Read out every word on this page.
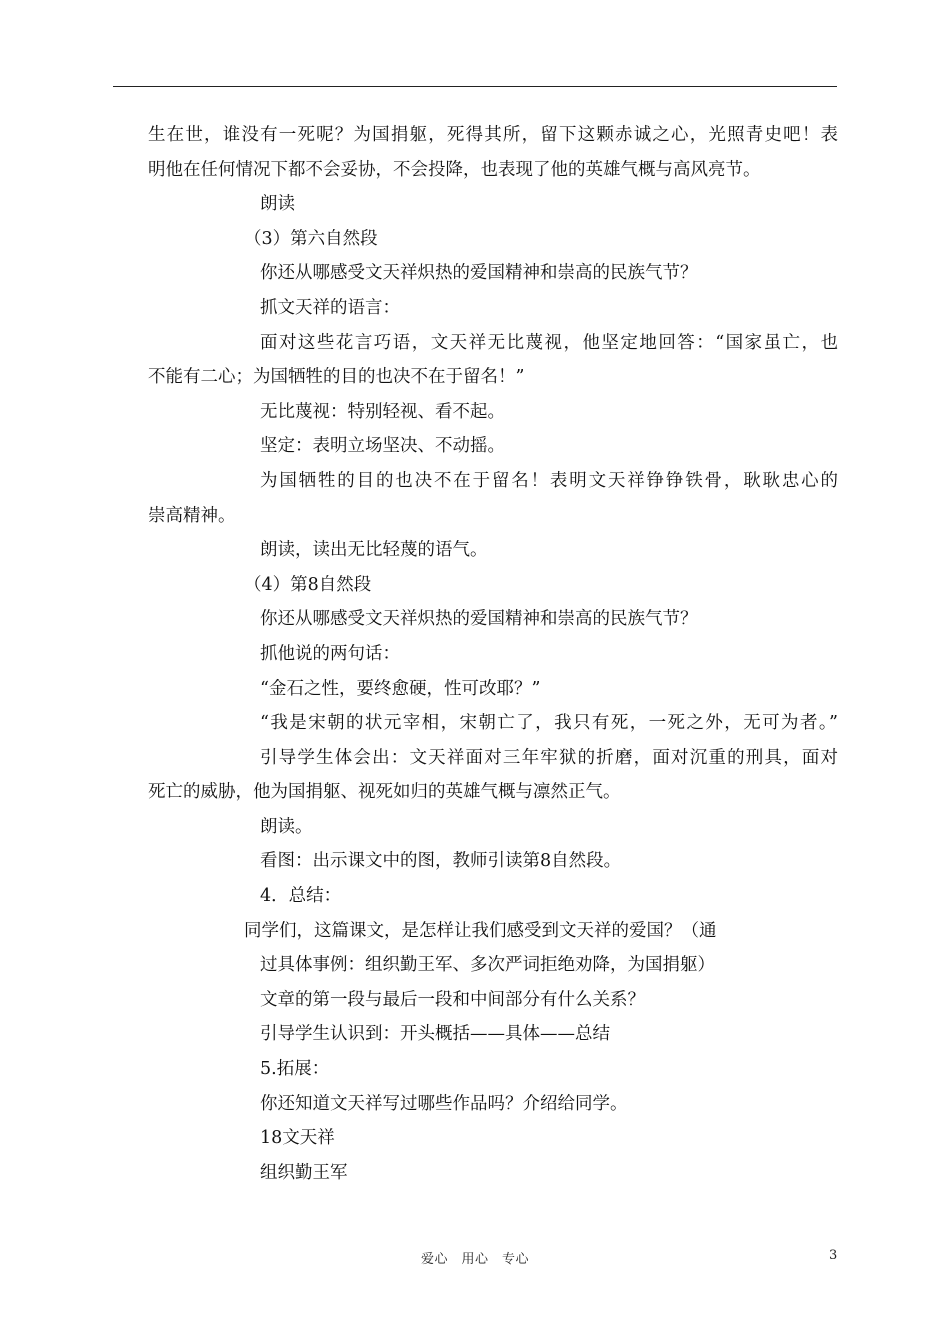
生在世，谁没有一死呢？为国捐躯，死得其所，留下这颗赤诚之心，光照青史吧！表
明他在任何情况下都不会妥协，不会投降，也表现了他的英雄气概与高风亮节。
朗读
（3）第六自然段
你还从哪感受文天祥炽热的爱国精神和崇高的民族气节？
抓文天祥的语言：
面对这些花言巧语，文天祥无比蔑视，他坚定地回答：“国家虽亡，也
不能有二心；为国牺牲的目的也决不在于留名！”
无比蔑视：特别轻视、看不起。
坚定：表明立场坚决、不动摇。
为国牺牲的目的也决不在于留名！表明文天祥铮铮铁骨，耿耿忠心的
崇高精神。
朗读，读出无比轻蔑的语气。
（4）第8自然段
你还从哪感受文天祥炽热的爱国精神和崇高的民族气节？
抓他说的两句话：
“金石之性，要终愈硬，性可改耶？”
“我是宋朝的状元宰相，宋朝亡了，我只有死，一死之外，无可为者。”
引导学生体会出：文天祥面对三年牢狱的折磨，面对沉重的刑具，面对
死亡的威胁，他为国捐躯、视死如归的英雄气概与凛然正气。
朗读。
看图：出示课文中的图，教师引读第8自然段。
4．总结：
同学们，这篇课文，是怎样让我们感受到文天祥的爱国？（通
过具体事例：组织勤王军、多次严词拒绝劝降，为国捐躯）
文章的第一段与最后一段和中间部分有什么关系？
引导学生认识到：开头概括——具体——总结
5.拓展：
你还知道文天祥写过哪些作品吗？介绍给同学。
18文天祥
组织勤王军
爱心　用心　专心	3
